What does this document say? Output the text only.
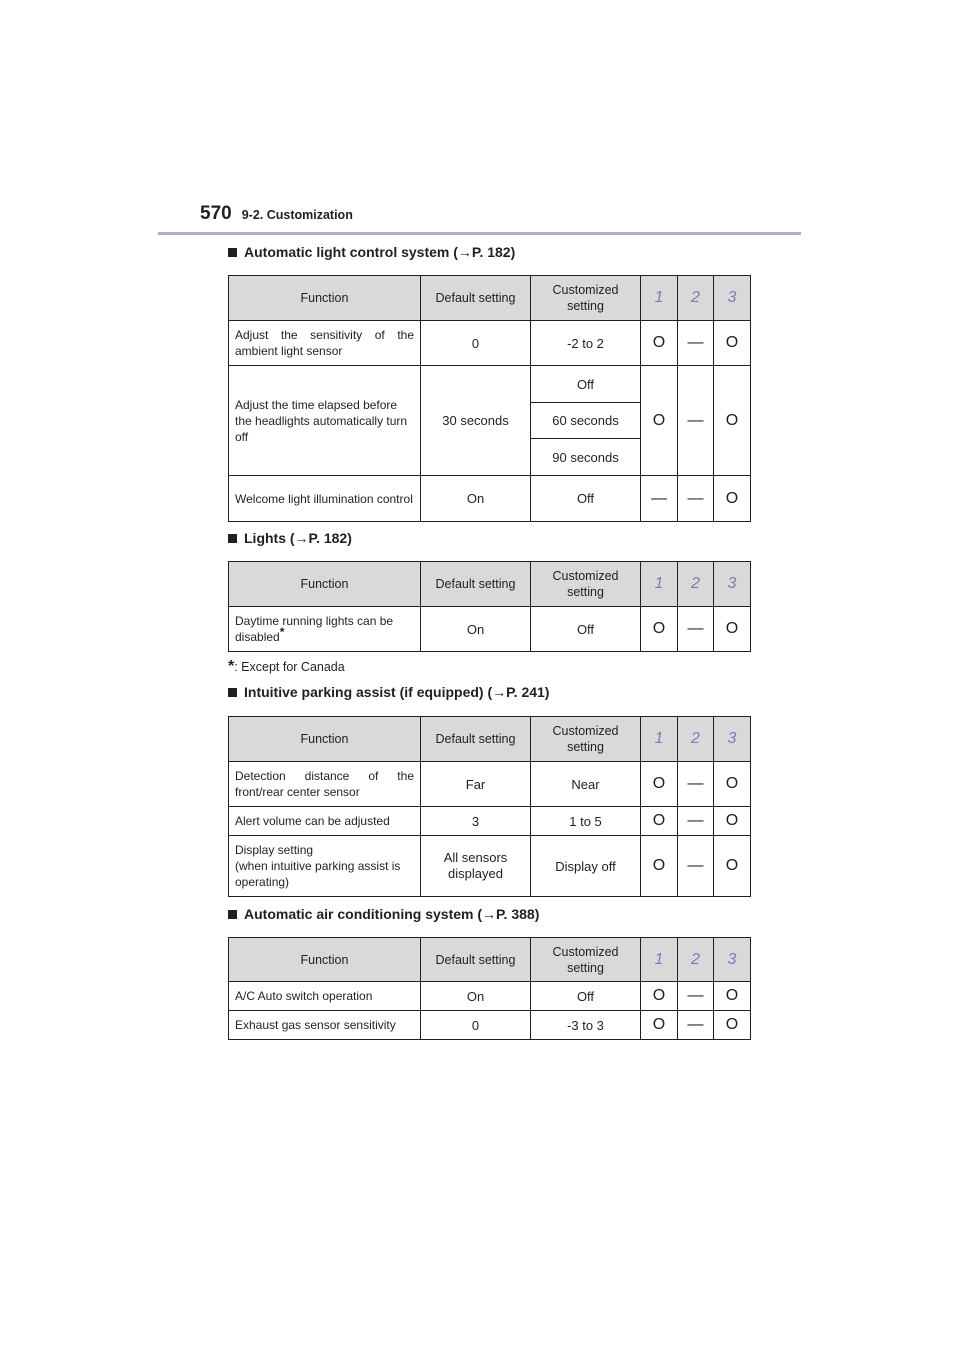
570 9-2. Customization
Automatic light control system (→P. 182)
Function	Default setting	Customized setting	1	2	3
Adjust the sensitivity of the ambient light sensor	0	-2 to 2	O	—	O
Adjust the time elapsed before the headlights automatically turn off	30 seconds	Off	O	—	O
		60 seconds			
		90 seconds			
Welcome light illumination control	On	Off	—	—	O
Lights (→P. 182)
Function	Default setting	Customized setting	1	2	3
Daytime running lights can be disabled*	On	Off	O	—	O
*: Except for Canada
Intuitive parking assist (if equipped) (→P. 241)
Function	Default setting	Customized setting	1	2	3
Detection distance of the front/rear center sensor	Far	Near	O	—	O
Alert volume can be adjusted	3	1 to 5	O	—	O
Display setting
(when intuitive parking assist is operating)	All sensors displayed	Display off	O	—	O
Automatic air conditioning system (→P. 388)
Function	Default setting	Customized setting	1	2	3
A/C Auto switch operation	On	Off	O	—	O
Exhaust gas sensor sensitivity	0	-3 to 3	O	—	O
